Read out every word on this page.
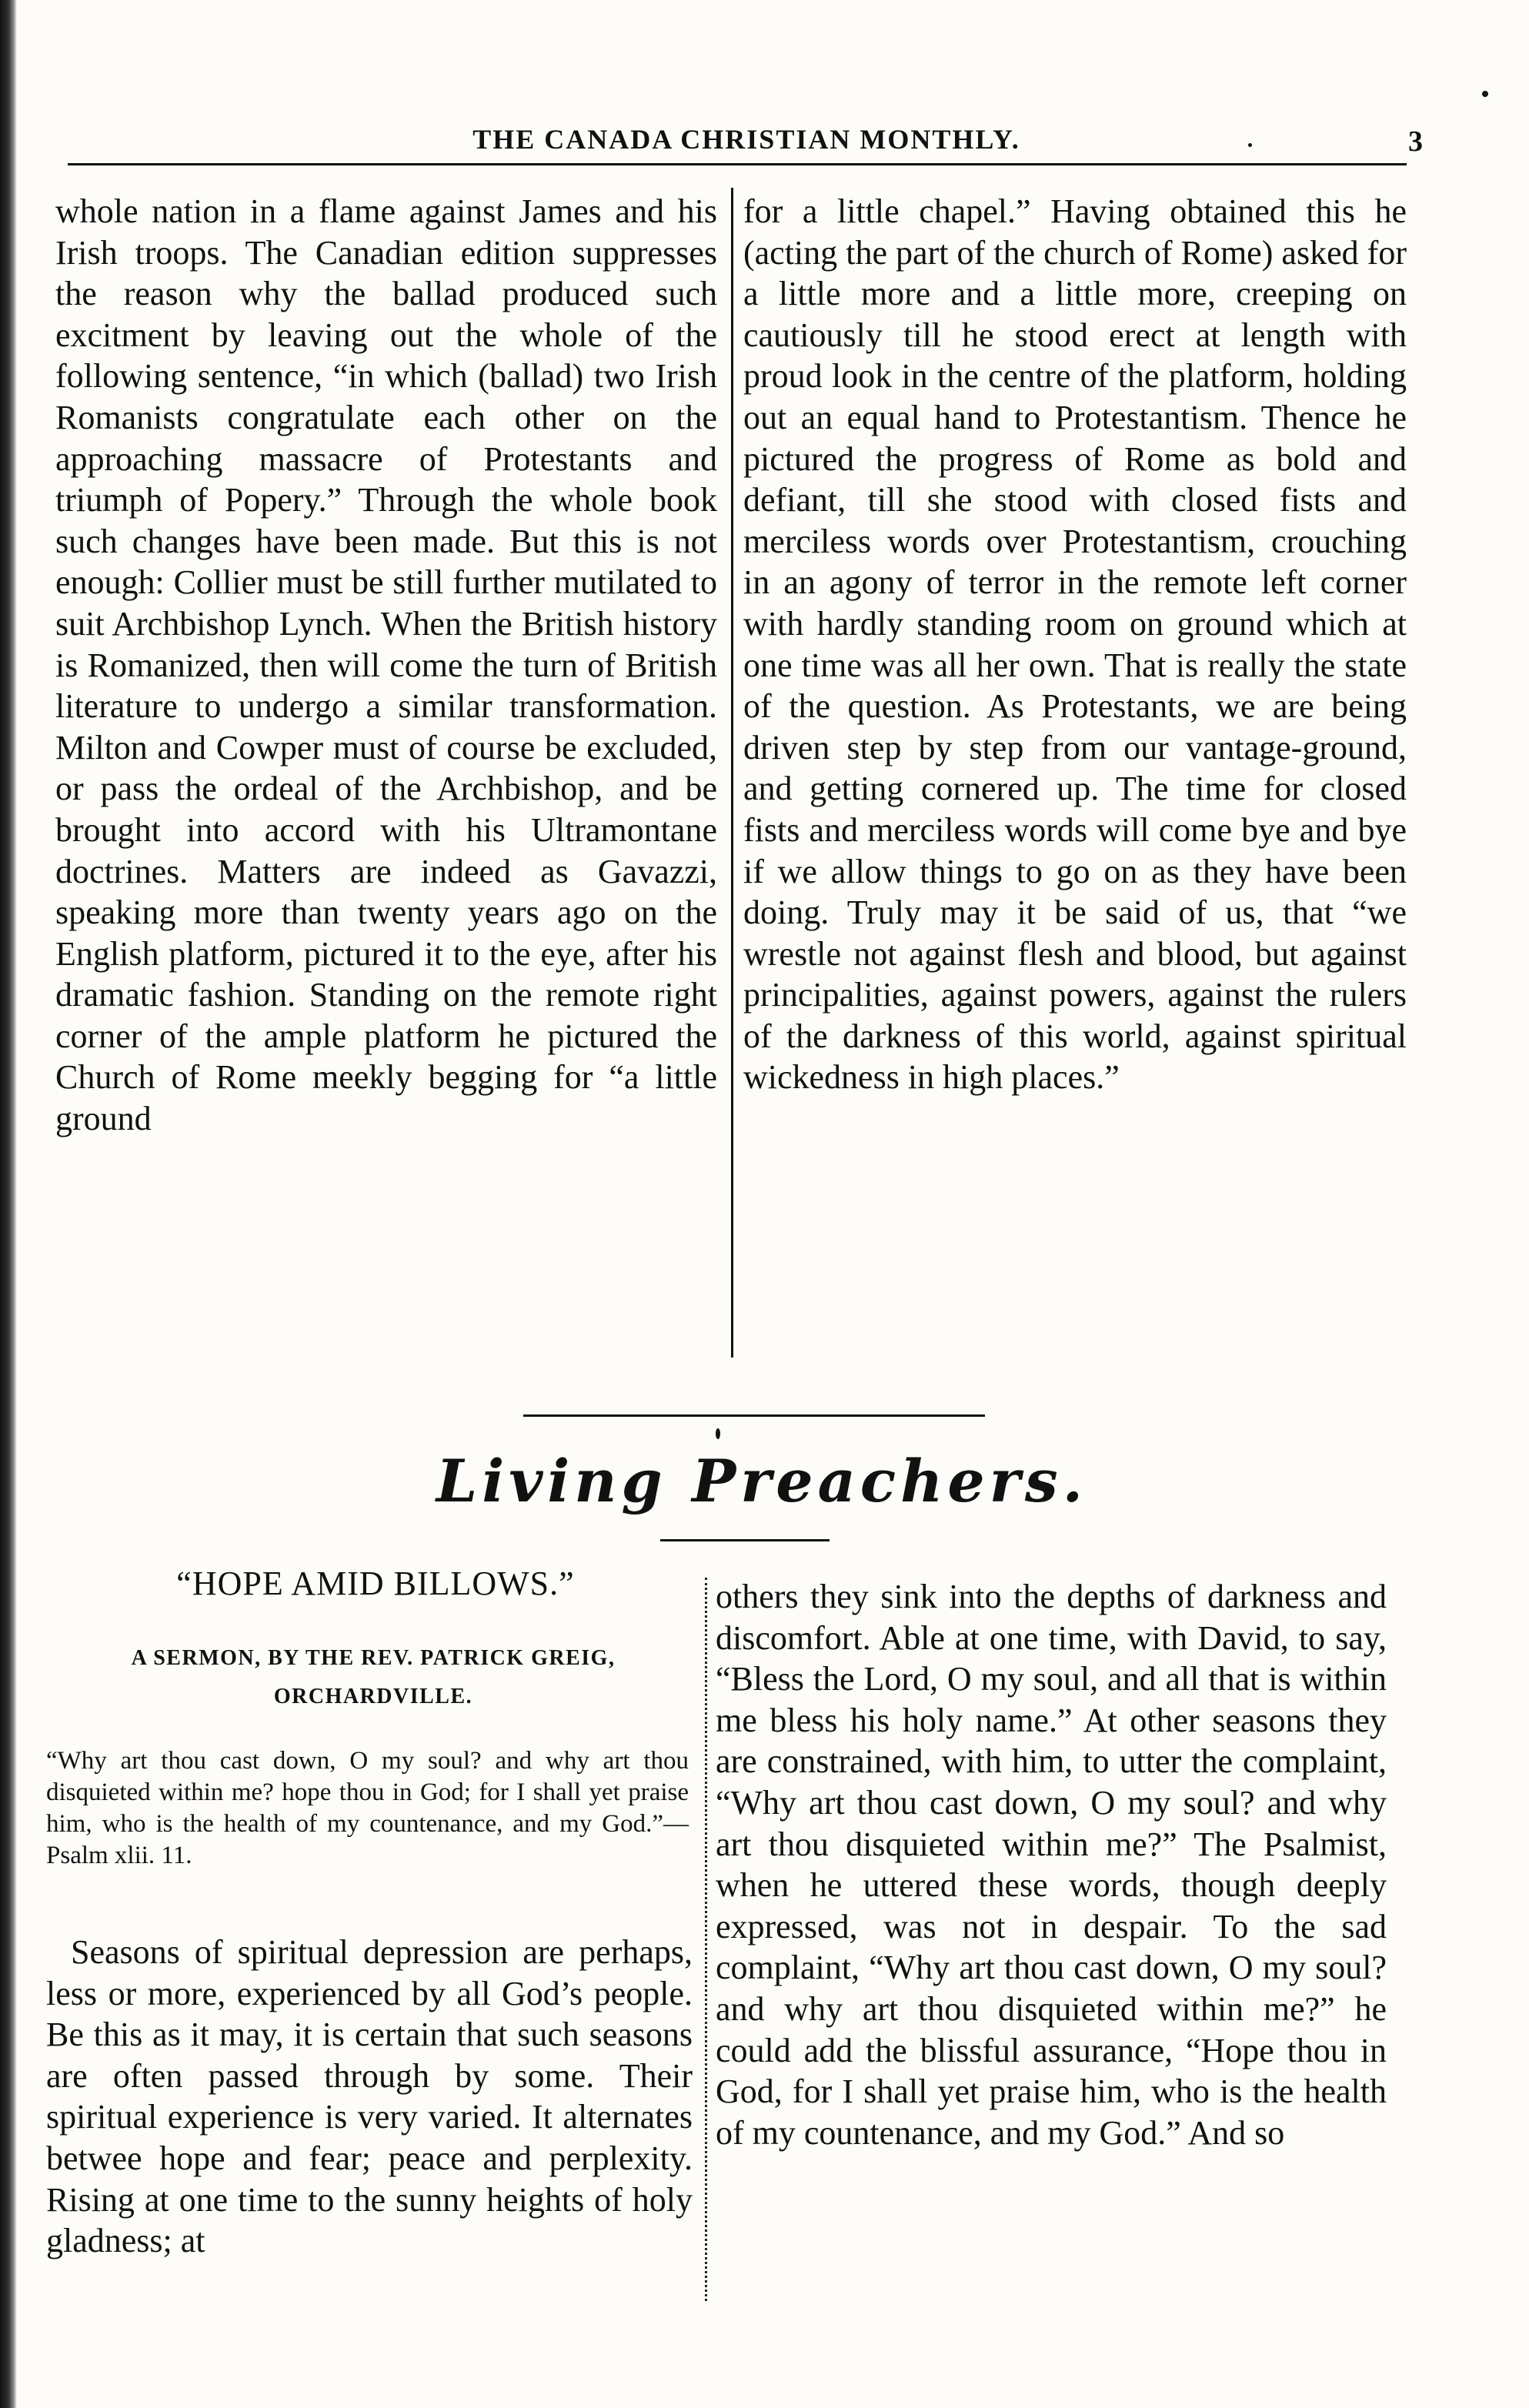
THE CANADA CHRISTIAN MONTHLY.	3

whole nation in a flame against James and his Irish troops. The Canadian edition suppresses the reason why the ballad produced such excitment by leaving out the whole of the following sentence, “in which (ballad) two Irish Romanists congratulate each other on the approaching massacre of Protestants and triumph of Popery.” Through the whole book such changes have been made. But this is not enough: Collier must be still further mutilated to suit Archbishop Lynch. When the British history is Romanized, then will come the turn of British literature to undergo a similar transformation. Milton and Cowper must of course be excluded, or pass the ordeal of the Archbishop, and be brought into accord with his Ultramontane doctrines. Matters are indeed as Gavazzi, speaking more than twenty years ago on the English platform, pictured it to the eye, after his dramatic fashion. Standing on the remote right corner of the ample platform he pictured the Church of Rome meekly begging for “a little ground

for a little chapel.” Having obtained this he (acting the part of the church of Rome) asked for a little more and a little more, creeping on cautiously till he stood erect at length with proud look in the centre of the platform, holding out an equal hand to Protestantism. Thence he pictured the progress of Rome as bold and defiant, till she stood with closed fists and merciless words over Protestantism, crouching in an agony of terror in the remote left corner with hardly standing room on ground which at one time was all her own. That is really the state of the question. As Protestants, we are being driven step by step from our vantage-ground, and getting cornered up. The time for closed fists and merciless words will come bye and bye if we allow things to go on as they have been doing. Truly may it be said of us, that “we wrestle not against flesh and blood, but against principalities, against powers, against the rulers of the darkness of this world, against spiritual wickedness in high places.”

Living Preachers.
“HOPE AMID BILLOWS.”
A SERMON, BY THE REV. PATRICK GREIG,
ORCHARDVILLE.

“Why art thou cast down, O my soul? and why art thou disquieted within me? hope thou in God; for I shall yet praise him, who is the health of my countenance, and my God.”—Psalm xlii. 11.

Seasons of spiritual depression are perhaps, less or more, experienced by all God’s people. Be this as it may, it is certain that such seasons are often passed through by some. Their spiritual experience is very varied. It alternates betwee hope and fear; peace and perplexity. Rising at one time to the sunny heights of holy gladness; at

others they sink into the depths of darkness and discomfort. Able at one time, with David, to say, “Bless the Lord, O my soul, and all that is within me bless his holy name.” At other seasons they are constrained, with him, to utter the complaint, “Why art thou cast down, O my soul? and why art thou disquieted within me?” The Psalmist, when he uttered these words, though deeply expressed, was not in despair. To the sad complaint, “Why art thou cast down, O my soul? and why art thou disquieted within me?” he could add the blissful assurance, “Hope thou in God, for I shall yet praise him, who is the health of my countenance, and my God.” And so
